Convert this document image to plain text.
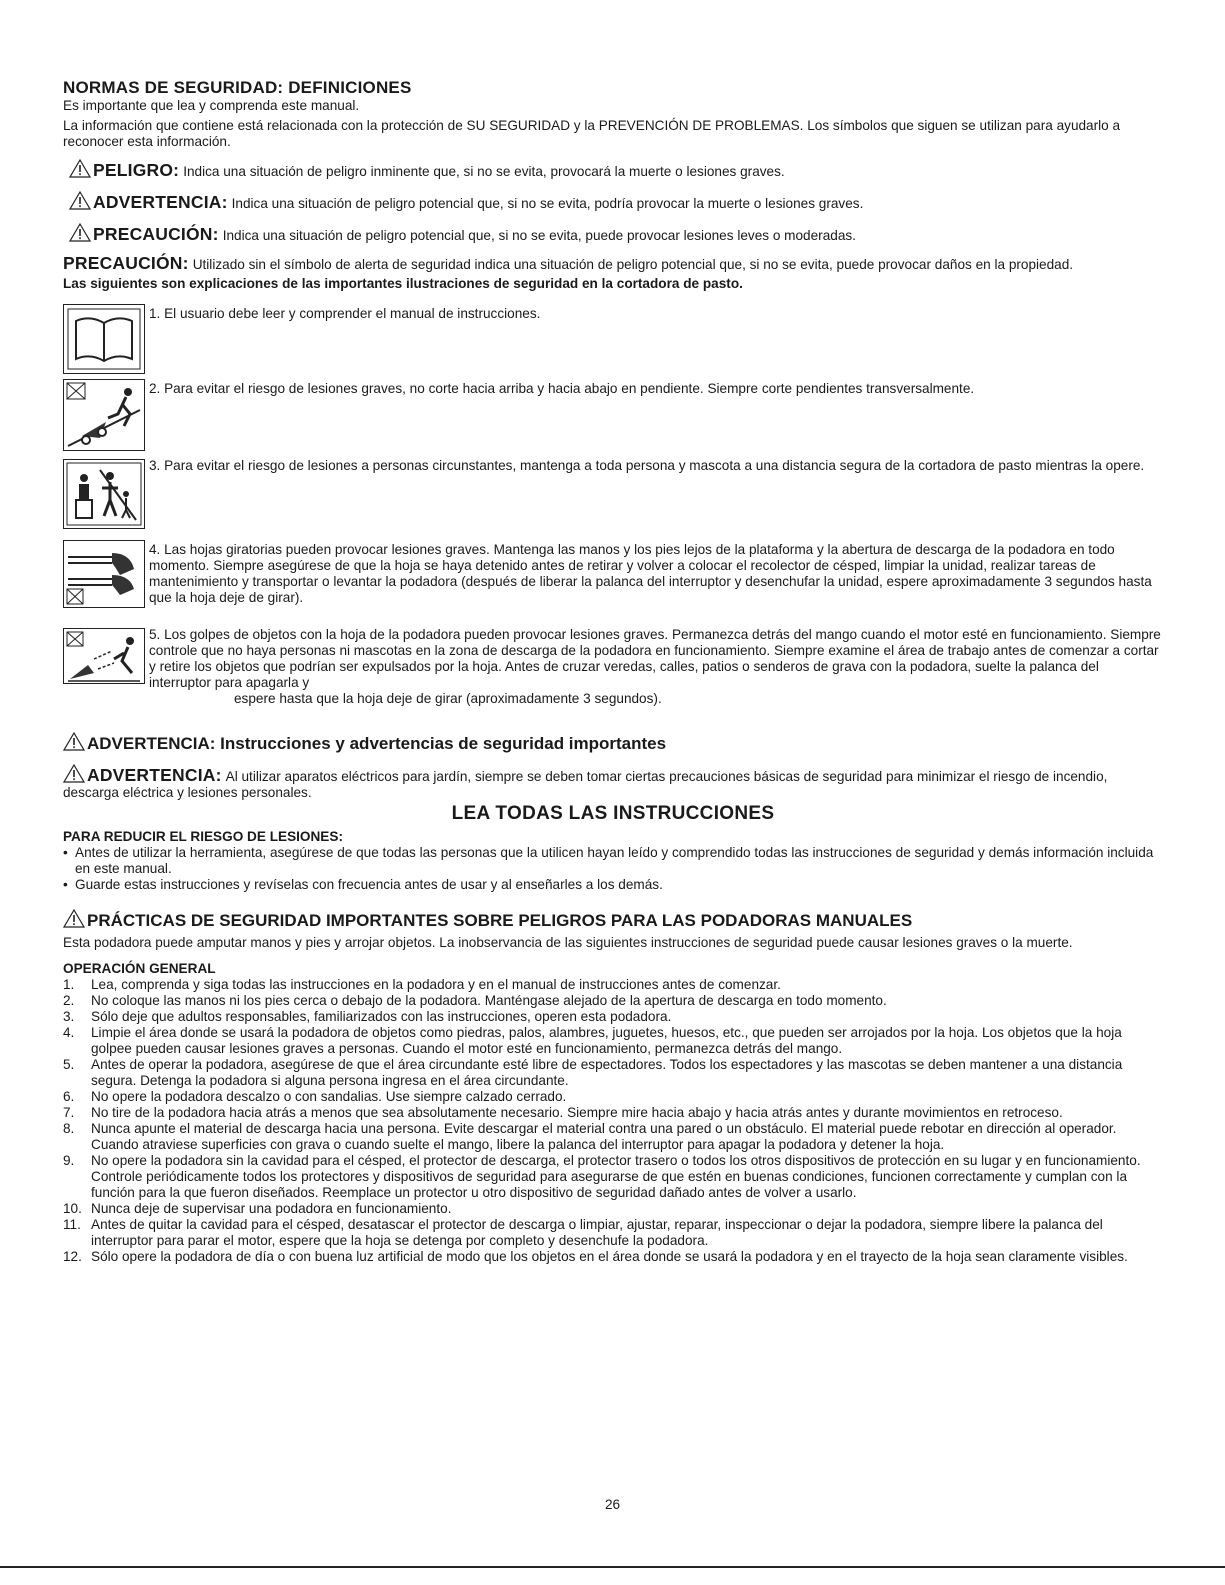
NORMAS DE SEGURIDAD: DEFINICIONES

Es importante que lea y comprenda este manual.

La información que contiene está relacionada con la protección de SU SEGURIDAD y la PREVENCIÓN DE PROBLEMAS. Los símbolos que siguen se utilizan para ayudarlo a reconocer esta información.

PELIGRO: Indica una situación de peligro inminente que, si no se evita, provocará la muerte o lesiones graves.

ADVERTENCIA: Indica una situación de peligro potencial que, si no se evita, podría provocar la muerte o lesiones graves.

PRECAUCIÓN: Indica una situación de peligro potencial que, si no se evita, puede provocar lesiones leves o moderadas.

PRECAUCIÓN: Utilizado sin el símbolo de alerta de seguridad indica una situación de peligro potencial que, si no se evita, puede provocar daños en la propiedad.

Las siguientes son explicaciones de las importantes ilustraciones de seguridad en la cortadora de pasto.

1. El usuario debe leer y comprender el manual de instrucciones.
2. Para evitar el riesgo de lesiones graves, no corte hacia arriba y hacia abajo en pendiente. Siempre corte pendientes transversalmente.
3. Para evitar el riesgo de lesiones a personas circunstantes, mantenga a toda persona y mascota a una distancia segura de la cortadora de pasto mientras la opere.
4. Las hojas giratorias pueden provocar lesiones graves. Mantenga las manos y los pies lejos de la plataforma y la abertura de descarga de la podadora en todo momento. Siempre asegúrese de que la hoja se haya detenido antes de retirar y volver a colocar el recolector de césped, limpiar la unidad, realizar tareas de mantenimiento y transportar o levantar la podadora (después de liberar la palanca del interruptor y desenchufar la unidad, espere aproximadamente 3 segundos hasta que la hoja deje de girar).
5. Los golpes de objetos con la hoja de la podadora pueden provocar lesiones graves. Permanezca detrás del mango cuando el motor esté en funcionamiento. Siempre controle que no haya personas ni mascotas en la zona de descarga de la podadora en funcionamiento. Siempre examine el área de trabajo antes de comenzar a cortar y retire los objetos que podrían ser expulsados por la hoja. Antes de cruzar veredas, calles, patios o senderos de grava con la podadora, suelte la palanca del interruptor para apagarla y
espere hasta que la hoja deje de girar (aproximadamente 3 segundos).
ADVERTENCIA: Instrucciones y advertencias de seguridad importantes

ADVERTENCIA: Al utilizar aparatos eléctricos para jardín, siempre se deben tomar ciertas precauciones básicas de seguridad para minimizar el riesgo de incendio, descarga eléctrica y lesiones personales.

LEA TODAS LAS INSTRUCCIONES
PARA REDUCIR EL RIESGO DE LESIONES:
• Antes de utilizar la herramienta, asegúrese de que todas las personas que la utilicen hayan leído y comprendido todas las instrucciones de seguridad y demás información incluida en este manual.
• Guarde estas instrucciones y revíselas con frecuencia antes de usar y al enseñarles a los demás.
PRÁCTICAS DE SEGURIDAD IMPORTANTES SOBRE PELIGROS PARA LAS PODADORAS MANUALES

Esta podadora puede amputar manos y pies y arrojar objetos. La inobservancia de las siguientes instrucciones de seguridad puede causar lesiones graves o la muerte.

OPERACIÓN GENERAL
1.	Lea, comprenda y siga todas las instrucciones en la podadora y en el manual de instrucciones antes de comenzar.
2.	No coloque las manos ni los pies cerca o debajo de la podadora. Manténgase alejado de la apertura de descarga en todo momento.
3.	Sólo deje que adultos responsables, familiarizados con las instrucciones, operen esta podadora.
4.	Limpie el área donde se usará la podadora de objetos como piedras, palos, alambres, juguetes, huesos, etc., que pueden ser arrojados por la hoja. Los objetos que la hoja golpee pueden causar lesiones graves a personas. Cuando el motor esté en funcionamiento, permanezca detrás del mango.
5.	Antes de operar la podadora, asegúrese de que el área circundante esté libre de espectadores. Todos los espectadores y las mascotas se deben mantener a una distancia segura. Detenga la podadora si alguna persona ingresa en el área circundante.
6.	No opere la podadora descalzo o con sandalias. Use siempre calzado cerrado.
7.	No tire de la podadora hacia atrás a menos que sea absolutamente necesario. Siempre mire hacia abajo y hacia atrás antes y durante movimientos en retroceso.
8.	Nunca apunte el material de descarga hacia una persona. Evite descargar el material contra una pared o un obstáculo. El material puede rebotar en dirección al operador. Cuando atraviese superficies con grava o cuando suelte el mango, libere la palanca del interruptor para apagar la podadora y detener la hoja.
9.	No opere la podadora sin la cavidad para el césped, el protector de descarga, el protector trasero o todos los otros dispositivos de protección en su lugar y en funcionamiento. Controle periódicamente todos los protectores y dispositivos de seguridad para asegurarse de que estén en buenas condiciones, funcionen correctamente y cumplan con la función para la que fueron diseñados. Reemplace un protector u otro dispositivo de seguridad dañado antes de volver a usarlo.
10. Nunca deje de supervisar una podadora en funcionamiento.
11. Antes de quitar la cavidad para el césped, desatascar el protector de descarga o limpiar, ajustar, reparar, inspeccionar o dejar la podadora, siempre libere la palanca del interruptor para parar el motor, espere que la hoja se detenga por completo y desenchufe la podadora.
12. Sólo opere la podadora de día o con buena luz artificial de modo que los objetos en el área donde se usará la podadora y en el trayecto de la hoja sean claramente visibles.
26
